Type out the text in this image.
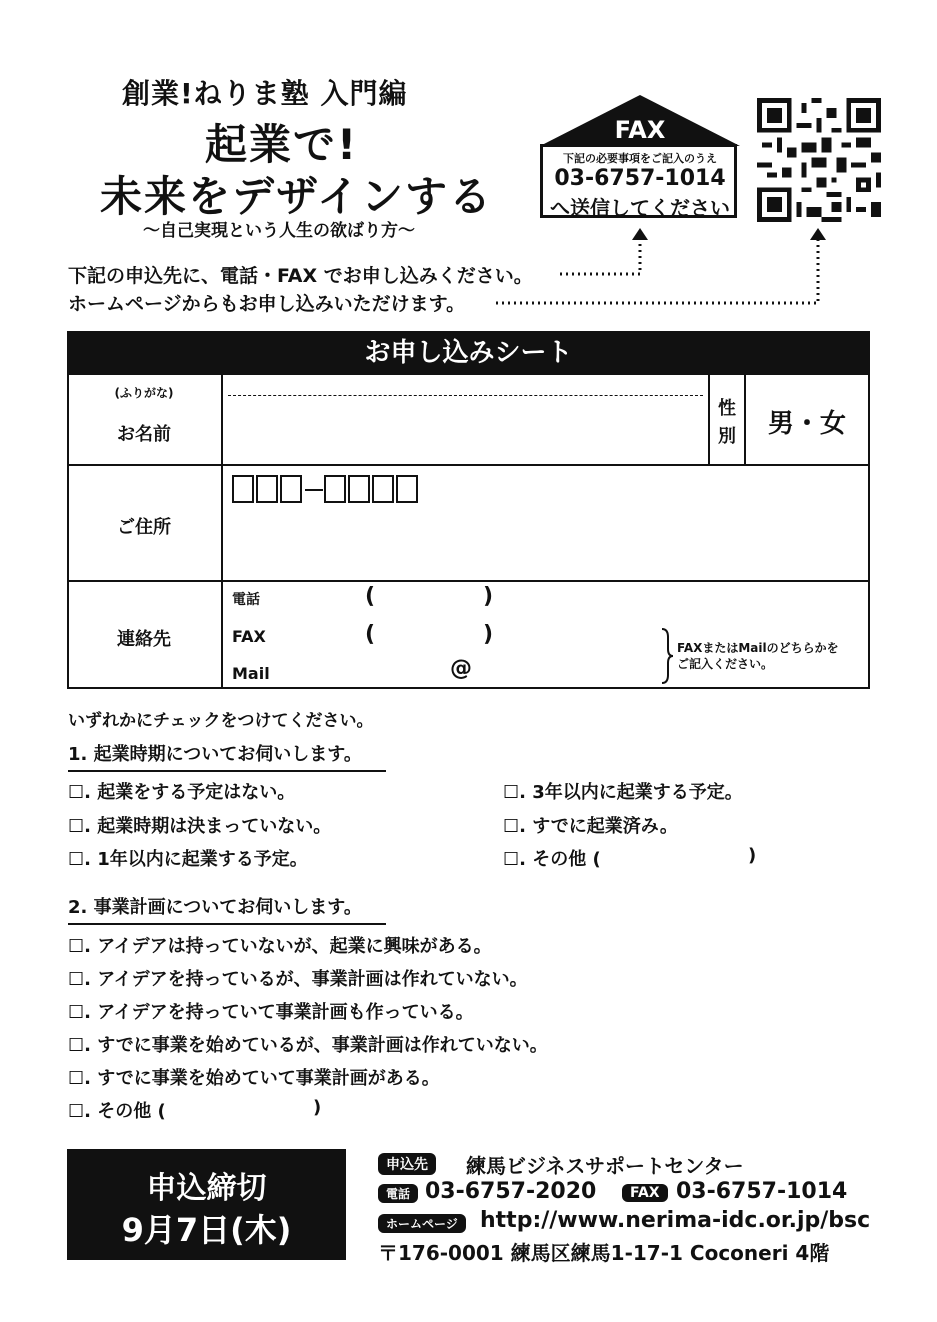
創業!ねりま塾 入門編
起業で!
未来をデザインする
〜自己実現という人生の欲ばり方〜
FAX
下記の必要事項をご記入のうえ
03-6757-1014
へ送信してください
下記の申込先に、電話・FAX でお申し込みください。
ホームページからもお申し込みいただけます。
お申し込みシート
(ふりがな)
お名前
性
別	男・女
ご住所
連絡先
電話	(	)
FAX	(	)
Mail	@
FAXまたはMailのどちらかを
ご記入ください。
いずれかにチェックをつけてください。
1. 起業時期についてお伺いします。
☐. 起業をする予定はない。
☐. 起業時期は決まっていない。
☐. 1年以内に起業する予定。
☐. 3年以内に起業する予定。
☐. すでに起業済み。
☐. その他 (	)
2. 事業計画についてお伺いします。
☐. アイデアは持っていないが、起業に興味がある。
☐. アイデアを持っているが、事業計画は作れていない。
☐. アイデアを持っていて事業計画も作っている。
☐. すでに事業を始めているが、事業計画は作れていない。
☐. すでに事業を始めていて事業計画がある。
☐. その他 (	)
申込締切
9月7日(木)
申込先	練馬ビジネスサポートセンター
電話 03-6757-2020	FAX 03-6757-1014
ホームページ	http://www.nerima-idc.or.jp/bsc
〒176-0001 練馬区練馬1-17-1 Coconeri 4階
